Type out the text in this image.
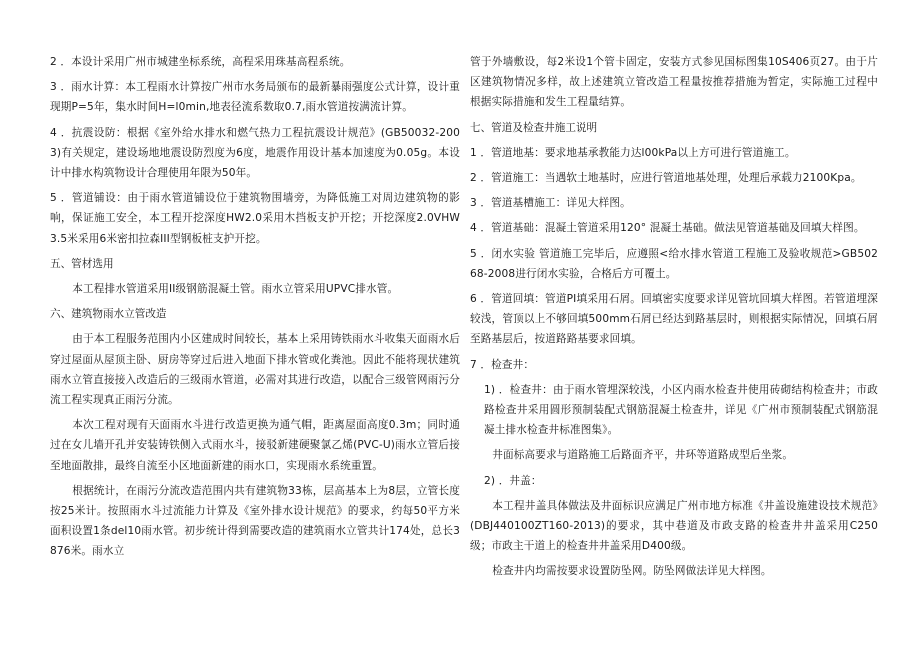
2 ．本设计采用广州市城建坐标系统，高程采用珠基高程系统。

3 ．雨水计算：本工程雨水计算按广州市水务局颁布的最新暴雨强度公式计算，设计重现期P=5年，集水时间H=l0min,地表径流系数取0.7,雨水管道按满流计算。

4 ．抗震设防：根据《室外给水排水和燃气热力工程抗震设计规范》(GB50032-2003)有关规定，建设场地地震设防烈度为6度，地震作用设计基本加速度为0.05g。本设计中排水构筑物设计合理使用年限为50年。

5 ．管道铺设：由于雨水管道铺设位于建筑物围墙旁，为降低施工对周边建筑物的影响，保证施工安全，本工程开挖深度HW2.0采用木挡板支护开挖；开挖深度2.0VHW3.5米采用6米密扣拉森III型钢板桩支护开挖。

五、管材选用

本工程排水管道采用II级钢筋混凝土管。雨水立管采用UPVC排水管。

六、建筑物雨水立管改造

由于本工程服务范围内小区建成时间较长，基本上采用铸铁雨水斗收集天面雨水后穿过屋面从屋顶主卧、厨房等穿过后进入地面下排水管或化粪池。因此不能将现状建筑雨水立管直接接入改造后的三级雨水管道，必需对其进行改造，以配合三级管网雨污分流工程实现真正雨污分流。

本次工程对现有天面雨水斗进行改造更换为通气帽，距离屋面高度0.3m；同时通过在女儿墙开孔并安装铸铁侧入式雨水斗，接驳新建硬聚氯乙烯(PVC-U)雨水立管后接至地面散排，最终自流至小区地面新建的雨水口，实现雨水系统重置。

根据统计，在雨污分流改造范围内共有建筑物33栋，层高基本上为8层，立管长度按25米计。按照雨水斗过流能力计算及《室外排水设计规范》的要求，约每50平方米面积设置1条del10雨水管。初步统计得到需要改造的建筑雨水立管共计174处，总长3876米。雨水立

管于外墙敷设，每2米设1个管卡固定，安装方式参见国标图集10S406页27。由于片区建筑物情况多样，故上述建筑立管改造工程量按推荐措施为暂定，实际施工过程中根据实际措施和发生工程量结算。

七、管道及检查井施工说明

1 ．管道地基：要求地基承教能力达l00kPa以上方可进行管道施工。

2 ．管道施工：当遇软土地基时，应进行管道地基处理，处理后承载力2100Kpa。

3 ．管道基槽施工：详见大样图。

4 ．管道基础：混凝土管道采用120° 混凝土基础。做法见管道基础及回填大样图。

5 ．闭水实验 管道施工完毕后，应遵照<给水排水管道工程施工及验收规范>GB50268-2008进行闭水实验，合格后方可覆土。

6 ．管道回填：管道PI填采用石屑。回填密实度要求详见管坑回填大样图。若管道埋深较浅，管顶以上不够回填500mm石屑已经达到路基层时，则根据实际情况，回填石屑至路基层后，按道路路基要求回填。

7 ．检查井：

1) ．检查井：由于雨水管埋深较浅，小区内雨水检查井使用砖砌结构检查井；市政路检查井采用圆形预制装配式钢筋混凝土检查井，详见《广州市预制装配式钢筋混凝土排水检查井标准图集》。

井面标高要求与道路施工后路面齐平，井环等道路成型后坐浆。

2) ．井盖：

本工程井盖具体做法及井面标识应满足广州市地方标准《井盖设施建设技术规范》(DBJ440100ZT160-2013)的要求，其中巷道及市政支路的检查井井盖采用C250级；市政主干道上的检查井井盖采用D400级。

检查井内均需按要求设置防坠网。防坠网做法详见大样图。
